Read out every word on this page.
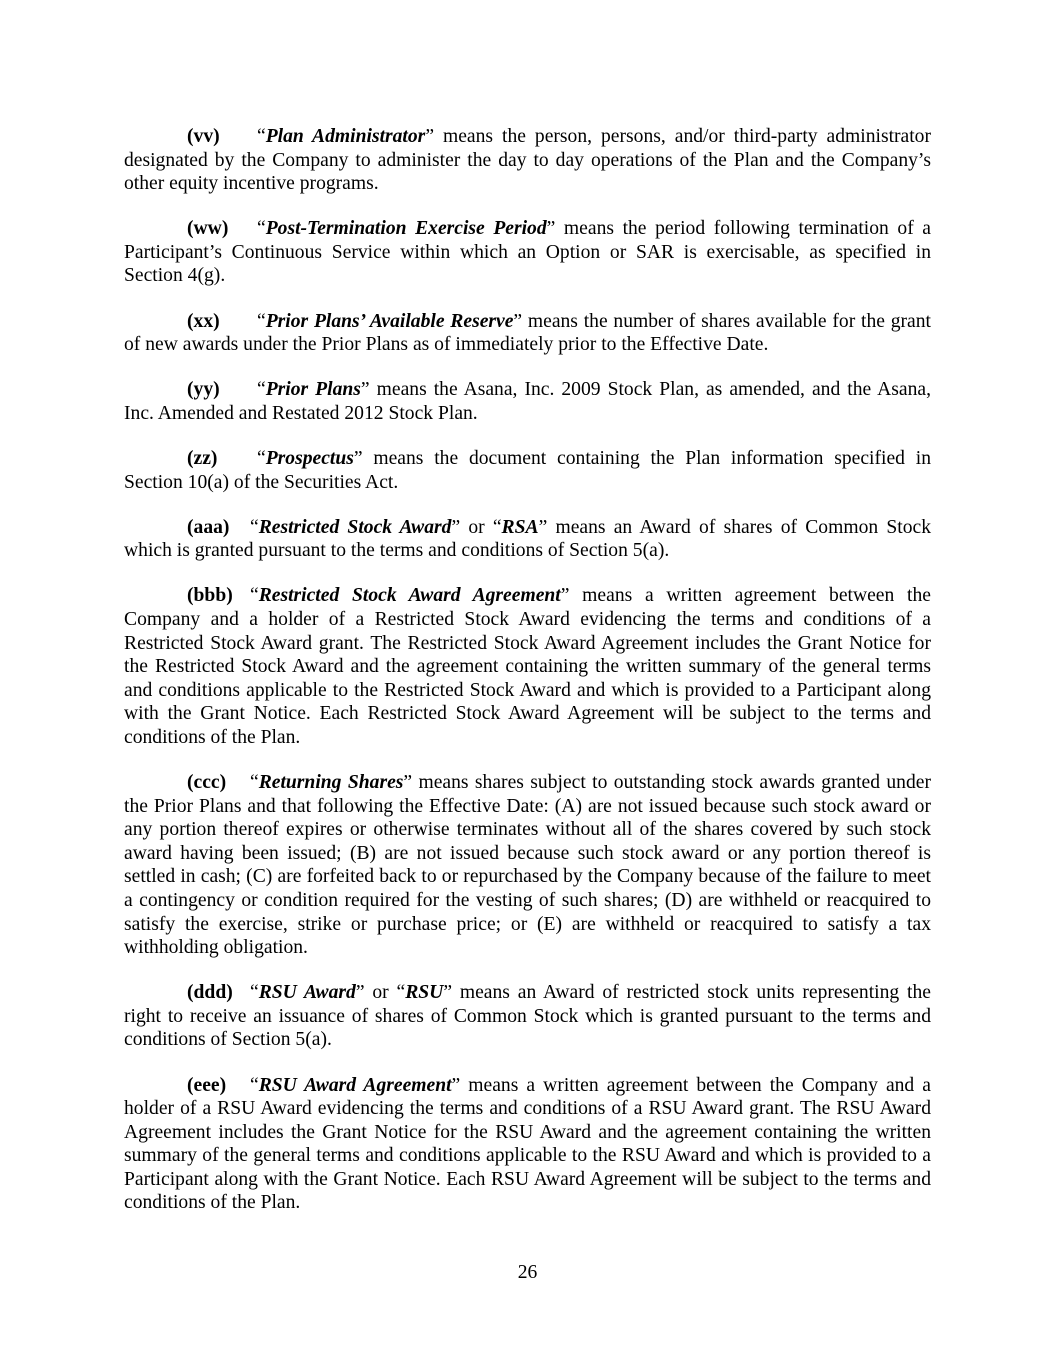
(vv) “Plan Administrator” means the person, persons, and/or third-party administrator designated by the Company to administer the day to day operations of the Plan and the Company’s other equity incentive programs.

(ww) “Post-Termination Exercise Period” means the period following termination of a Participant’s Continuous Service within which an Option or SAR is exercisable, as specified in Section 4(g).

(xx) “Prior Plans’ Available Reserve” means the number of shares available for the grant of new awards under the Prior Plans as of immediately prior to the Effective Date.

(yy) “Prior Plans” means the Asana, Inc. 2009 Stock Plan, as amended, and the Asana, Inc. Amended and Restated 2012 Stock Plan.

(zz) “Prospectus” means the document containing the Plan information specified in Section 10(a) of the Securities Act.

(aaa) “Restricted Stock Award” or “RSA” means an Award of shares of Common Stock which is granted pursuant to the terms and conditions of Section 5(a).

(bbb) “Restricted Stock Award Agreement” means a written agreement between the Company and a holder of a Restricted Stock Award evidencing the terms and conditions of a Restricted Stock Award grant. The Restricted Stock Award Agreement includes the Grant Notice for the Restricted Stock Award and the agreement containing the written summary of the general terms and conditions applicable to the Restricted Stock Award and which is provided to a Participant along with the Grant Notice. Each Restricted Stock Award Agreement will be subject to the terms and conditions of the Plan.

(ccc) “Returning Shares” means shares subject to outstanding stock awards granted under the Prior Plans and that following the Effective Date: (A) are not issued because such stock award or any portion thereof expires or otherwise terminates without all of the shares covered by such stock award having been issued; (B) are not issued because such stock award or any portion thereof is settled in cash; (C) are forfeited back to or repurchased by the Company because of the failure to meet a contingency or condition required for the vesting of such shares; (D) are withheld or reacquired to satisfy the exercise, strike or purchase price; or (E) are withheld or reacquired to satisfy a tax withholding obligation.

(ddd) “RSU Award” or “RSU” means an Award of restricted stock units representing the right to receive an issuance of shares of Common Stock which is granted pursuant to the terms and conditions of Section 5(a).

(eee) “RSU Award Agreement” means a written agreement between the Company and a holder of a RSU Award evidencing the terms and conditions of a RSU Award grant. The RSU Award Agreement includes the Grant Notice for the RSU Award and the agreement containing the written summary of the general terms and conditions applicable to the RSU Award and which is provided to a Participant along with the Grant Notice. Each RSU Award Agreement will be subject to the terms and conditions of the Plan.

26
